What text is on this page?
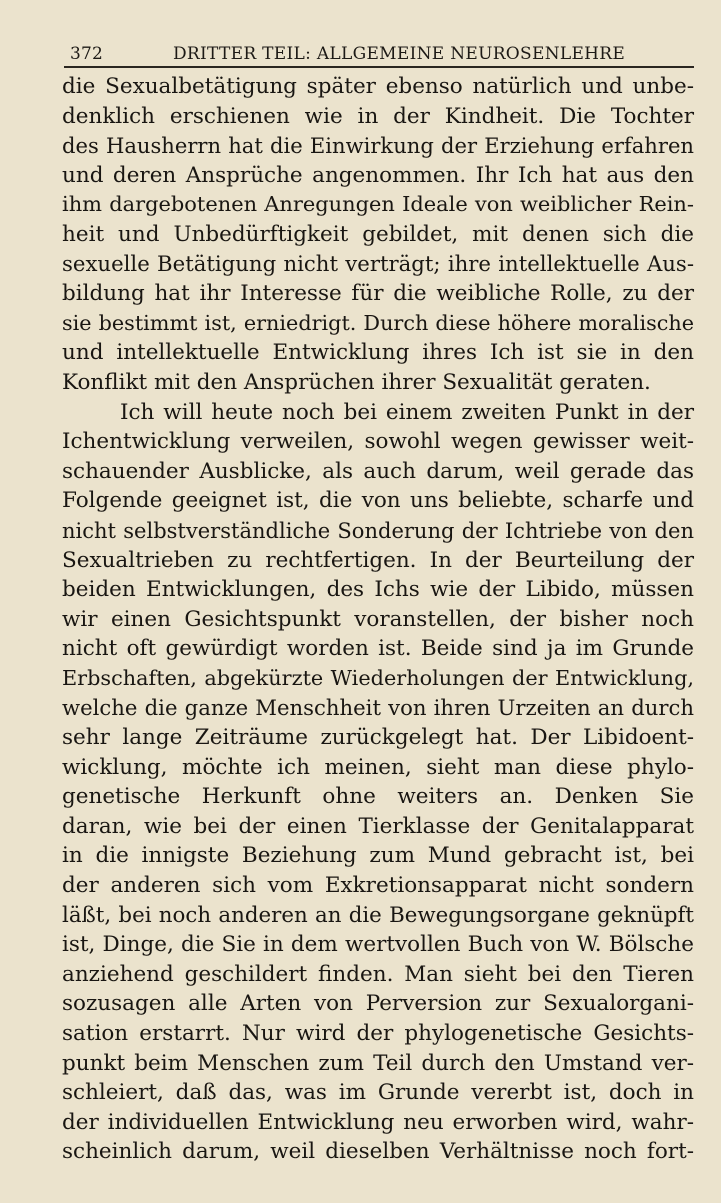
372	DRITTER TEIL: ALLGEMEINE NEUROSENLEHRE
die Sexualbetätigung später ebenso natürlich und unbe-
denklich erschienen wie in der Kindheit. Die Tochter
des Hausherrn hat die Einwirkung der Erziehung erfahren
und deren Ansprüche angenommen. Ihr Ich hat aus den
ihm dargebotenen Anregungen Ideale von weiblicher Rein-
heit und Unbedürftigkeit gebildet, mit denen sich die
sexuelle Betätigung nicht verträgt; ihre intellektuelle Aus-
bildung hat ihr Interesse für die weibliche Rolle, zu der
sie bestimmt ist, erniedrigt. Durch diese höhere moralische
und intellektuelle Entwicklung ihres Ich ist sie in den
Konflikt mit den Ansprüchen ihrer Sexualität geraten.
Ich will heute noch bei einem zweiten Punkt in der
Ichentwicklung verweilen, sowohl wegen gewisser weit-
schauender Ausblicke, als auch darum, weil gerade das
Folgende geeignet ist, die von uns beliebte, scharfe und
nicht selbstverständliche Sonderung der Ichtriebe von den
Sexualtrieben zu rechtfertigen. In der Beurteilung der
beiden Entwicklungen, des Ichs wie der Libido, müssen
wir einen Gesichtspunkt voranstellen, der bisher noch
nicht oft gewürdigt worden ist. Beide sind ja im Grunde
Erbschaften, abgekürzte Wiederholungen der Entwicklung,
welche die ganze Menschheit von ihren Urzeiten an durch
sehr lange Zeiträume zurückgelegt hat. Der Libidoent-
wicklung, möchte ich meinen, sieht man diese phylo-
genetische Herkunft ohne weiters an. Denken Sie
daran, wie bei der einen Tierklasse der Genitalapparat
in die innigste Beziehung zum Mund gebracht ist, bei
der anderen sich vom Exkretionsapparat nicht sondern
läßt, bei noch anderen an die Bewegungsorgane geknüpft
ist, Dinge, die Sie in dem wertvollen Buch von W. Bölsche
anziehend geschildert finden. Man sieht bei den Tieren
sozusagen alle Arten von Perversion zur Sexualorgani-
sation erstarrt. Nur wird der phylogenetische Gesichts-
punkt beim Menschen zum Teil durch den Umstand ver-
schleiert, daß das, was im Grunde vererbt ist, doch in
der individuellen Entwicklung neu erworben wird, wahr-
scheinlich darum, weil dieselben Verhältnisse noch fort-
